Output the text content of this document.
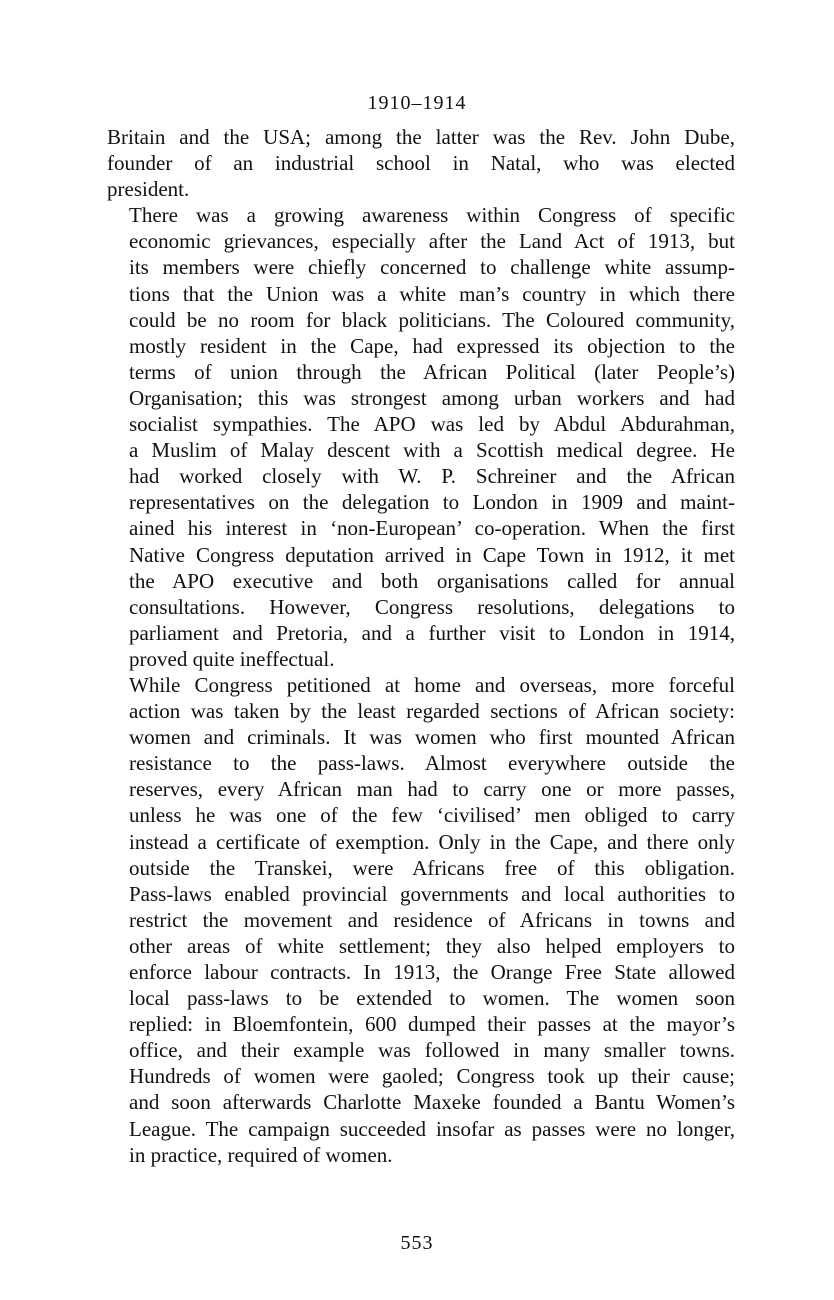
1910–1914

Britain and the USA; among the latter was the Rev. John Dube,
founder of an industrial school in Natal, who was elected
president.

There was a growing awareness within Congress of specific
economic grievances, especially after the Land Act of 1913, but
its members were chiefly concerned to challenge white assump-
tions that the Union was a white man’s country in which there
could be no room for black politicians. The Coloured community,
mostly resident in the Cape, had expressed its objection to the
terms of union through the African Political (later People’s)
Organisation; this was strongest among urban workers and had
socialist sympathies. The APO was led by Abdul Abdurahman,
a Muslim of Malay descent with a Scottish medical degree. He
had worked closely with W. P. Schreiner and the African
representatives on the delegation to London in 1909 and maint-
ained his interest in ‘non-European’ co-operation. When the first
Native Congress deputation arrived in Cape Town in 1912, it met
the APO executive and both organisations called for annual
consultations. However, Congress resolutions, delegations to
parliament and Pretoria, and a further visit to London in 1914,
proved quite ineffectual.

While Congress petitioned at home and overseas, more forceful
action was taken by the least regarded sections of African society:
women and criminals. It was women who first mounted African
resistance to the pass-laws. Almost everywhere outside the
reserves, every African man had to carry one or more passes,
unless he was one of the few ‘civilised’ men obliged to carry
instead a certificate of exemption. Only in the Cape, and there only
outside the Transkei, were Africans free of this obligation.
Pass-laws enabled provincial governments and local authorities to
restrict the movement and residence of Africans in towns and
other areas of white settlement; they also helped employers to
enforce labour contracts. In 1913, the Orange Free State allowed
local pass-laws to be extended to women. The women soon
replied: in Bloemfontein, 600 dumped their passes at the mayor’s
office, and their example was followed in many smaller towns.
Hundreds of women were gaoled; Congress took up their cause;
and soon afterwards Charlotte Maxeke founded a Bantu Women’s
League. The campaign succeeded insofar as passes were no longer,
in practice, required of women.

553
